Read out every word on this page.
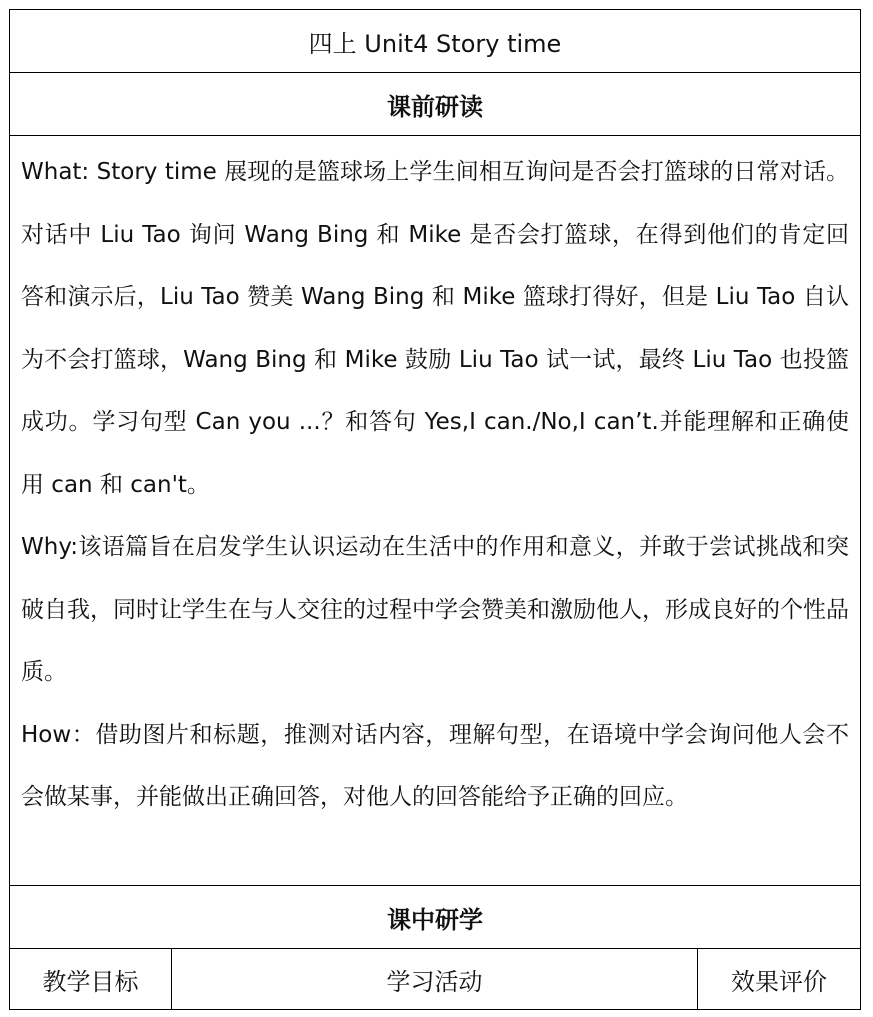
四上 Unit4 Story time
课前研读

What: Story time 展现的是篮球场上学生间相互询问是否会打篮球的日常对话。对话中 Liu Tao 询问 Wang Bing 和 Mike 是否会打篮球，在得到他们的肯定回答和演示后，Liu Tao 赞美 Wang Bing 和 Mike 篮球打得好，但是 Liu Tao 自认为不会打篮球，Wang Bing 和 Mike 鼓励 Liu Tao 试一试，最终 Liu Tao 也投篮成功。学习句型 Can you ...？和答句 Yes,I can./No,I can’t.并能理解和正确使用 can 和 can't。

Why:该语篇旨在启发学生认识运动在生活中的作用和意义，并敢于尝试挑战和突破自我，同时让学生在与人交往的过程中学会赞美和激励他人，形成良好的个性品质。

How：借助图片和标题，推测对话内容，理解句型，在语境中学会询问他人会不会做某事，并能做出正确回答，对他人的回答能给予正确的回应。

课中研学
教学目标	学习活动	效果评价
